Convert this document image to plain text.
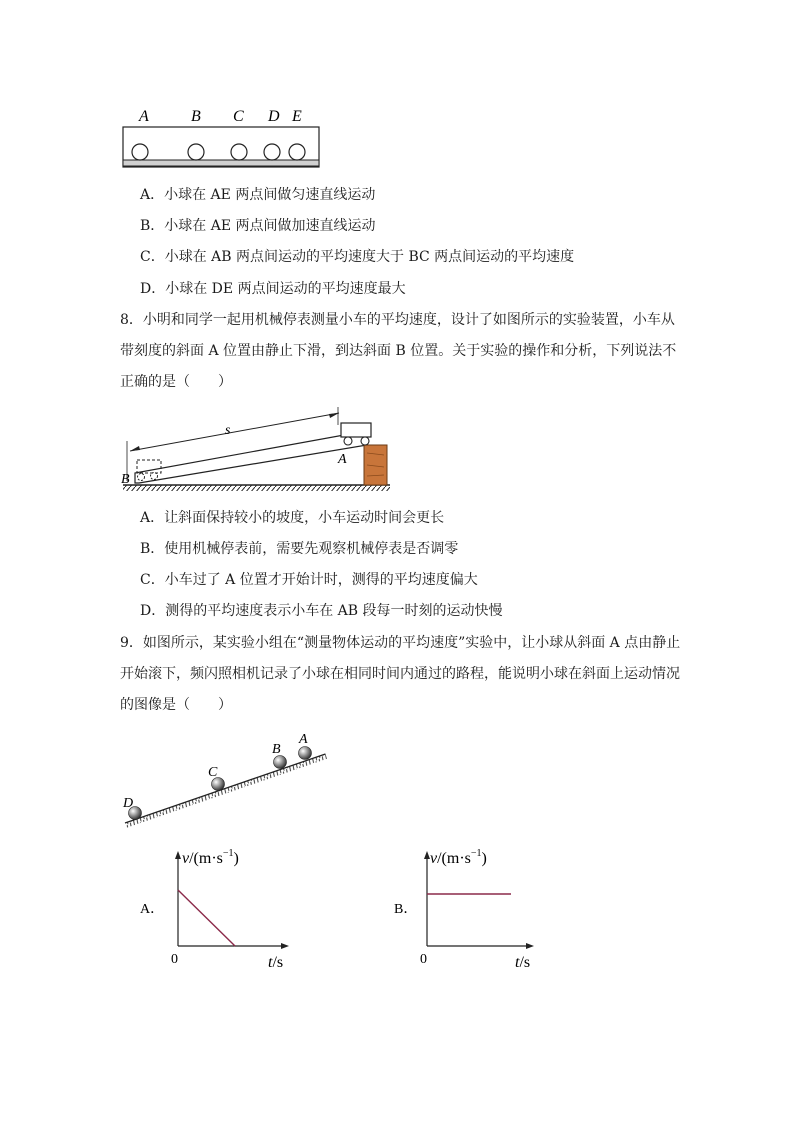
A	B C D E
A．小球在 AE 两点间做匀速直线运动
B．小球在 AE 两点间做加速直线运动
C．小球在 AB 两点间运动的平均速度大于 BC 两点间运动的平均速度
D．小球在 DE 两点间运动的平均速度最大
8．小明和同学一起用机械停表测量小车的平均速度，设计了如图所示的实验装置，小车从
带刻度的斜面 A 位置由静止下滑，到达斜面 B 位置。关于实验的操作和分析，下列说法不
正确的是（　　）
s
A
B
A．让斜面保持较小的坡度，小车运动时间会更长
B．使用机械停表前，需要先观察机械停表是否调零
C．小车过了 A 位置才开始计时，测得的平均速度偏大
D．测得的平均速度表示小车在 AB 段每一时刻的运动快慢
9．如图所示，某实验小组在“测量物体运动的平均速度”实验中，让小球从斜面 A 点由静止
开始滚下，频闪照相机记录了小球在相同时间内通过的路程，能说明小球在斜面上运动情况
的图像是（　　）
D
C
B
A
A．
$v/(m\cdot s^{-1})$
0	t/s
B．
$v/(m\cdot s^{-1})$
0	t/s
